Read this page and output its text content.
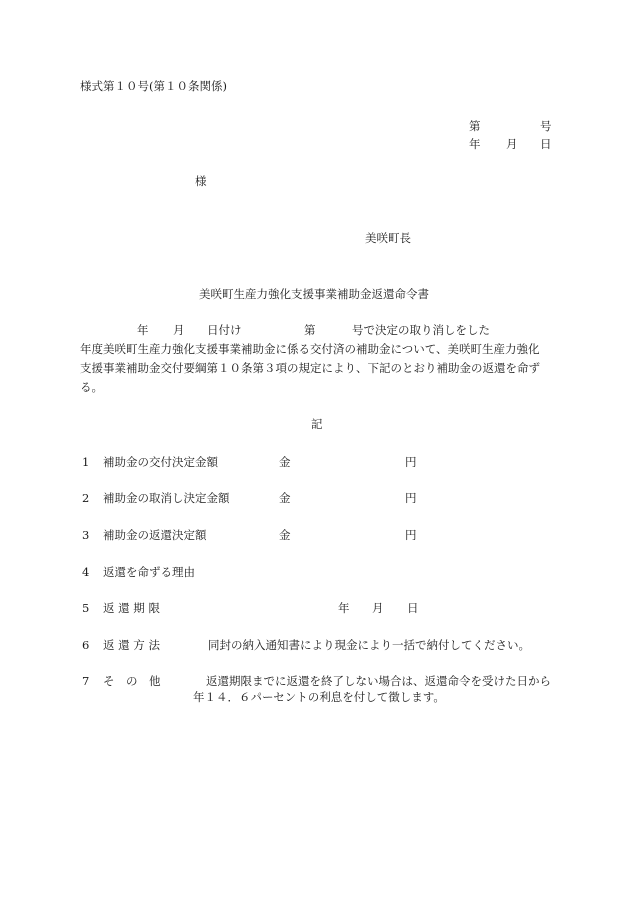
様式第１０号(第１０条関係)
第	号
年 月 日
様
美咲町長
美咲町生産力強化支援事業補助金返還命令書
年 月 日付け	第	号で決定の取り消しをした
年度美咲町生産力強化支援事業補助金に係る交付済の補助金について、美咲町生産力強化
支援事業補助金交付要綱第１０条第３項の規定により、下記のとおり補助金の返還を命ず
る。
記
1	補助金の交付決定金額	金	円
2	補助金の取消し決定金額	金	円
3	補助金の返還決定額	金	円
4	返還を命ずる理由
5	返 還 期 限	年 月 日
6	返 還 方 法	同封の納入通知書により現金により一括で納付してください。
7	そ　の　他	返還期限までに返還を終了しない場合は、返還命令を受けた日から
年１４．６パーセントの利息を付して徴します。
